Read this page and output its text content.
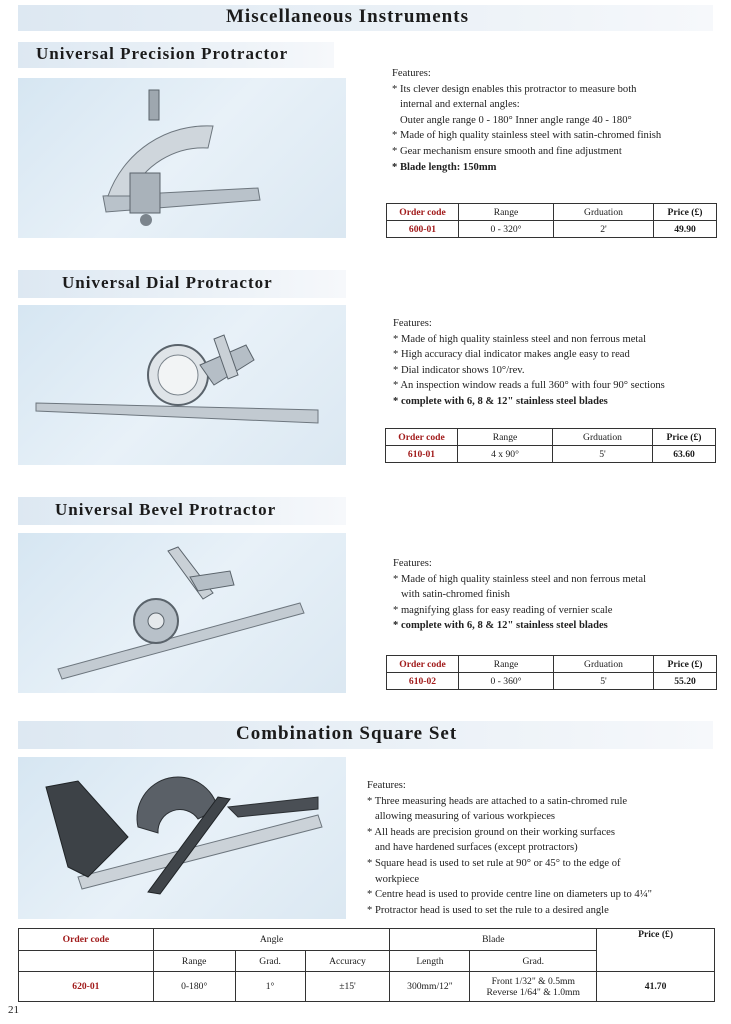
Miscellaneous Instruments
Universal Precision Protractor
Features:
* Its clever design enables this protractor to measure both
internal and external angles:
Outer angle range 0 - 180° Inner angle range 40 - 180°
* Made of high quality stainless steel with satin-chromed finish
* Gear mechanism ensure smooth and fine adjustment
* Blade length: 150mm
Order code	Range	Grduation	Price (£)
600-01	0 - 320°	2'	49.90
Universal Dial Protractor
Features:
* Made of high quality stainless steel and non ferrous metal
* High accuracy dial indicator makes angle easy to read
* Dial indicator shows 10°/rev.
* An inspection window reads a full 360° with four 90° sections
* complete with 6, 8 & 12" stainless steel blades
Order code	Range	Grduation	Price (£)
610-01	4 x 90°	5'	63.60
Universal Bevel Protractor
Features:
* Made of high quality stainless steel and non ferrous metal
with satin-chromed finish
* magnifying glass for easy reading of vernier scale
* complete with 6, 8 & 12" stainless steel blades
Order code	Range	Grduation	Price (£)
610-02	0 - 360°	5'	55.20
Combination Square Set
Features:
* Three measuring heads are attached to a satin-chromed rule
allowing measuring of various workpieces
* All heads are precision ground on their working surfaces
and have hardened surfaces (except protractors)
* Square head is used to set rule at 90° or 45° to the edge of
workpiece
* Centre head is used to provide centre line on diameters up to 4¼"
* Protractor head is used to set the rule to a desired angle
Order code	Angle			Blade		Price (£)
	Range	Grad.	Accuracy	Length	Grad.	
620-01	0-180°	1°	±15'	300mm/12"	Front 1/32" & 0.5mm
Reverse 1/64" & 1.0mm	41.70
21
